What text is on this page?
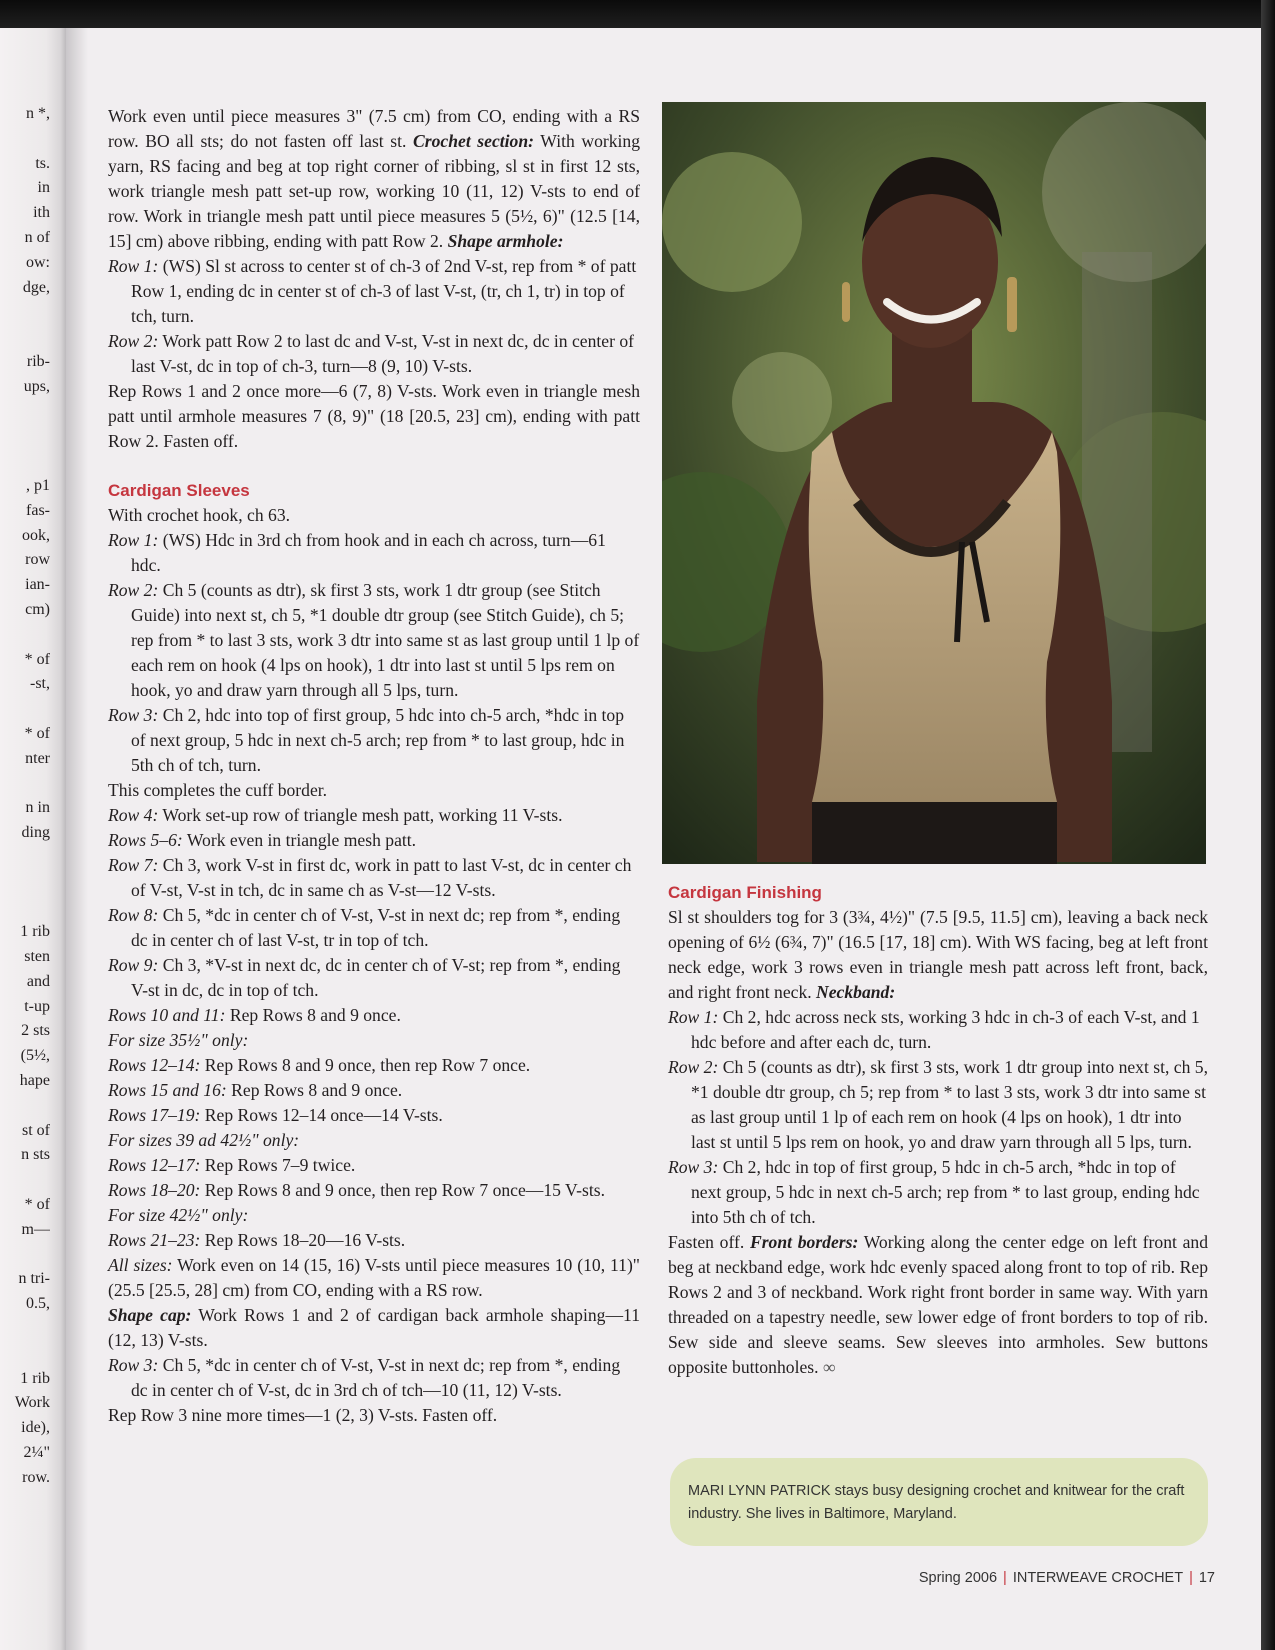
n *,
ts.
in
ith
n of
ow:
dge,
rib-
ups,
, p1
fas-
ook,
row
ian-
cm)
* of
-st,
* of
nter
n in
ding
1 rib
sten
and
t-up
2 sts
(5½,
hape
st of
n sts
* of
m—
n tri-
0.5,
1 rib
Work
ide),
2¼"
row.

Work even until piece measures 3" (7.5 cm) from CO, ending with a RS row. BO all sts; do not fasten off last st. Crochet section: With working yarn, RS facing and beg at top right corner of ribbing, sl st in first 12 sts, work triangle mesh patt set-up row, working 10 (11, 12) V-sts to end of row. Work in triangle mesh patt until piece measures 5 (5½, 6)" (12.5 [14, 15] cm) above ribbing, ending with patt Row 2. Shape armhole:

Row 1: (WS) Sl st across to center st of ch-3 of 2nd V-st, rep from * of patt Row 1, ending dc in center st of ch-3 of last V-st, (tr, ch 1, tr) in top of tch, turn.

Row 2: Work patt Row 2 to last dc and V-st, V-st in next dc, dc in center of last V-st, dc in top of ch-3, turn—8 (9, 10) V-sts.

Rep Rows 1 and 2 once more—6 (7, 8) V-sts. Work even in triangle mesh patt until armhole measures 7 (8, 9)" (18 [20.5, 23] cm), ending with patt Row 2. Fasten off.

Cardigan Sleeves

With crochet hook, ch 63.

Row 1: (WS) Hdc in 3rd ch from hook and in each ch across, turn—61 hdc.

Row 2: Ch 5 (counts as dtr), sk first 3 sts, work 1 dtr group (see Stitch Guide) into next st, ch 5, *1 double dtr group (see Stitch Guide), ch 5; rep from * to last 3 sts, work 3 dtr into same st as last group until 1 lp of each rem on hook (4 lps on hook), 1 dtr into last st until 5 lps rem on hook, yo and draw yarn through all 5 lps, turn.

Row 3: Ch 2, hdc into top of first group, 5 hdc into ch-5 arch, *hdc in top of next group, 5 hdc in next ch-5 arch; rep from * to last group, hdc in 5th ch of tch, turn.

This completes the cuff border.

Row 4: Work set-up row of triangle mesh patt, working 11 V-sts.

Rows 5–6: Work even in triangle mesh patt.

Row 7: Ch 3, work V-st in first dc, work in patt to last V-st, dc in center ch of V-st, V-st in tch, dc in same ch as V-st—12 V-sts.

Row 8: Ch 5, *dc in center ch of V-st, V-st in next dc; rep from *, ending dc in center ch of last V-st, tr in top of tch.

Row 9: Ch 3, *V-st in next dc, dc in center ch of V-st; rep from *, ending V-st in dc, dc in top of tch.

Rows 10 and 11: Rep Rows 8 and 9 once.

For size 35½" only:

Rows 12–14: Rep Rows 8 and 9 once, then rep Row 7 once.

Rows 15 and 16: Rep Rows 8 and 9 once.

Rows 17–19: Rep Rows 12–14 once—14 V-sts.

For sizes 39 ad 42½" only:

Rows 12–17: Rep Rows 7–9 twice.

Rows 18–20: Rep Rows 8 and 9 once, then rep Row 7 once—15 V-sts.

For size 42½" only:

Rows 21–23: Rep Rows 18–20—16 V-sts.

All sizes: Work even on 14 (15, 16) V-sts until piece measures 10 (10, 11)" (25.5 [25.5, 28] cm) from CO, ending with a RS row.

Shape cap: Work Rows 1 and 2 of cardigan back armhole shaping—11 (12, 13) V-sts.

Row 3: Ch 5, *dc in center ch of V-st, V-st in next dc; rep from *, ending dc in center ch of V-st, dc in 3rd ch of tch—10 (11, 12) V-sts.

Rep Row 3 nine more times—1 (2, 3) V-sts. Fasten off.

Cardigan Finishing

Sl st shoulders tog for 3 (3¾, 4½)" (7.5 [9.5, 11.5] cm), leaving a back neck opening of 6½ (6¾, 7)" (16.5 [17, 18] cm). With WS facing, beg at left front neck edge, work 3 rows even in triangle mesh patt across left front, back, and right front neck. Neckband:

Row 1: Ch 2, hdc across neck sts, working 3 hdc in ch-3 of each V-st, and 1 hdc before and after each dc, turn.

Row 2: Ch 5 (counts as dtr), sk first 3 sts, work 1 dtr group into next st, ch 5, *1 double dtr group, ch 5; rep from * to last 3 sts, work 3 dtr into same st as last group until 1 lp of each rem on hook (4 lps on hook), 1 dtr into last st until 5 lps rem on hook, yo and draw yarn through all 5 lps, turn.

Row 3: Ch 2, hdc in top of first group, 5 hdc in ch-5 arch, *hdc in top of next group, 5 hdc in next ch-5 arch; rep from * to last group, ending hdc into 5th ch of tch.

Fasten off. Front borders: Working along the center edge on left front and beg at neckband edge, work hdc evenly spaced along front to top of rib. Rep Rows 2 and 3 of neckband. Work right front border in same way. With yarn threaded on a tapestry needle, sew lower edge of front borders to top of rib. Sew side and sleeve seams. Sew sleeves into armholes. Sew buttons opposite buttonholes. ∞

MARI LYNN PATRICK stays busy designing crochet and knitwear for the craft industry. She lives in Baltimore, Maryland.

Spring 2006 | INTERWEAVE CROCHET | 17
